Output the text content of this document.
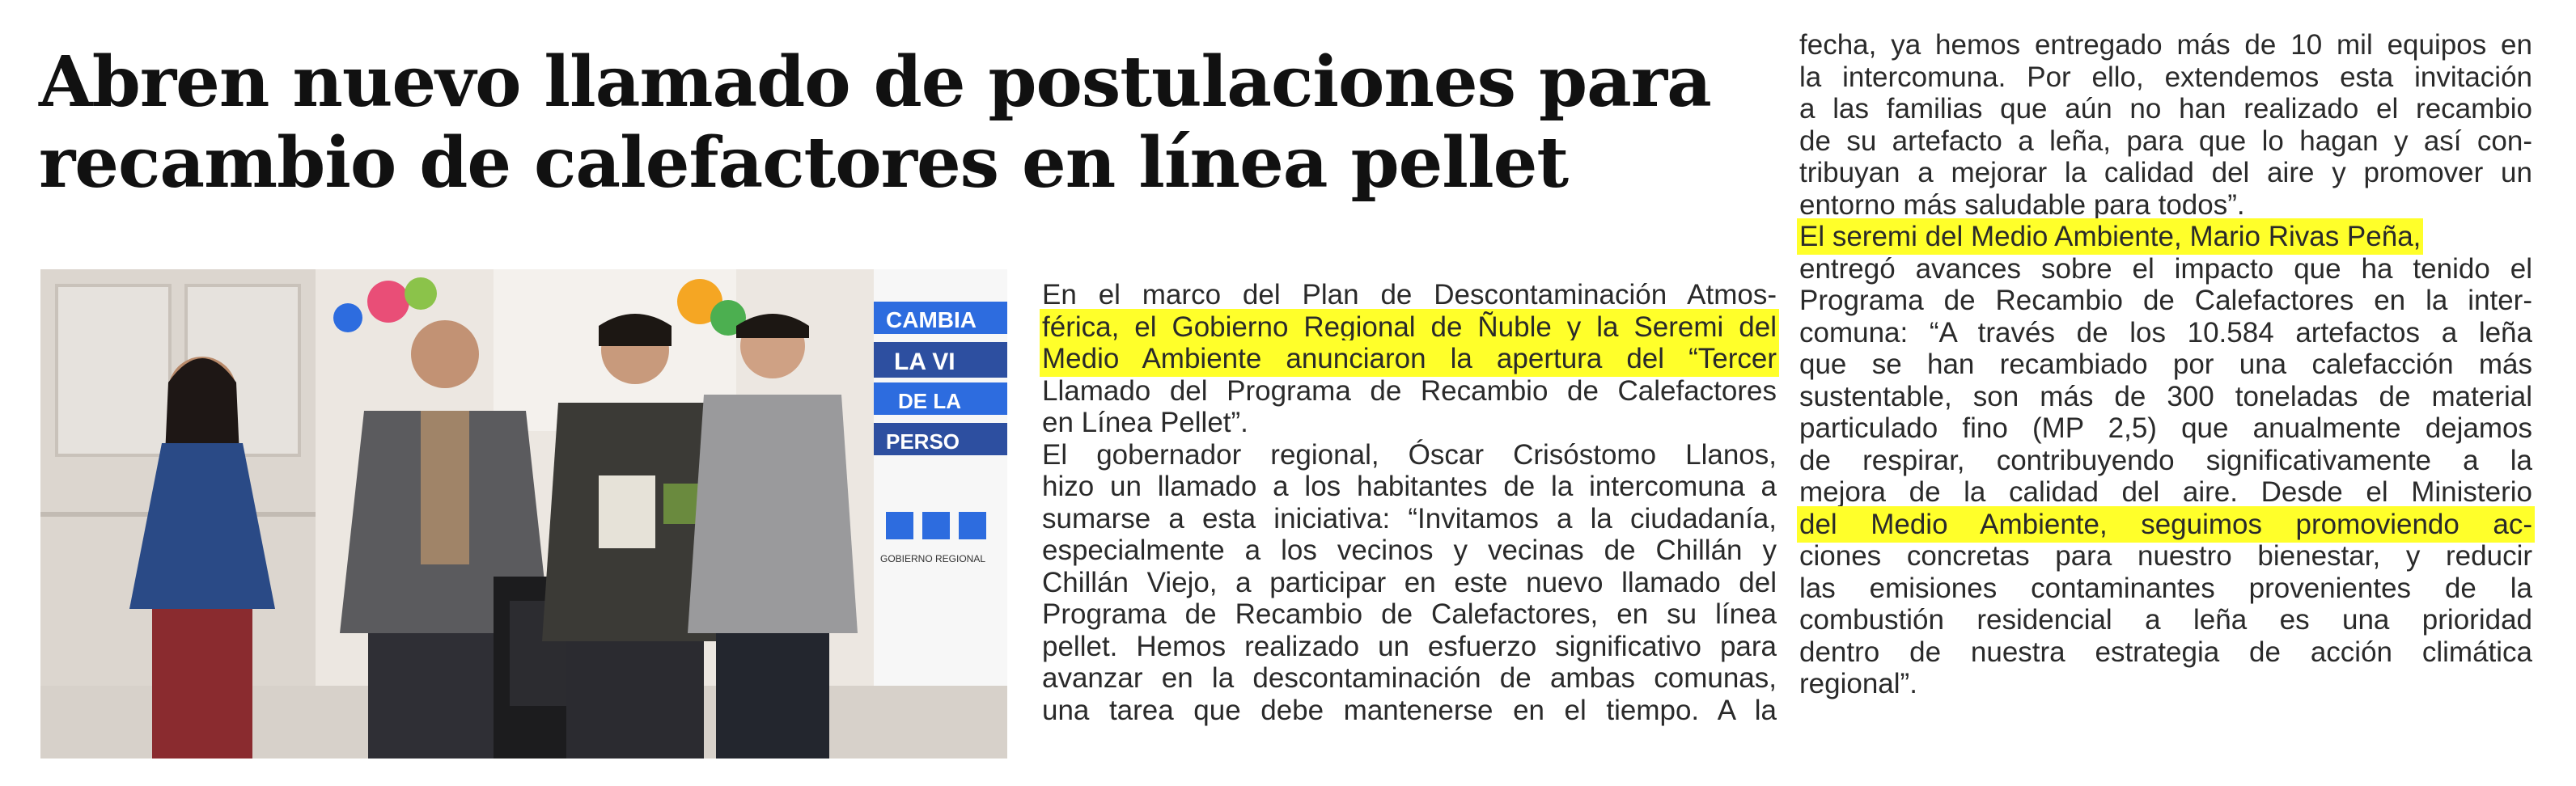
Abren nuevo llamado de postulaciones para
recambio de calefactores en línea pellet
CAMBIA
LA VI
DE LA
PERSO
GOBIERNO REGIONAL

En el marco del Plan de Descontaminación Atmos-
férica, el Gobierno Regional de Ñuble y la Seremi del
Medio Ambiente anunciaron la apertura del “Tercer
Llamado del Programa de Recambio de Calefactores
en Línea Pellet”.

El gobernador regional, Óscar Crisóstomo Llanos,
hizo un llamado a los habitantes de la intercomuna a
sumarse a esta iniciativa: “Invitamos a la ciudadanía,
especialmente a los vecinos y vecinas de Chillán y
Chillán Viejo, a participar en este nuevo llamado del
Programa de Recambio de Calefactores, en su línea
pellet. Hemos realizado un esfuerzo significativo para
avanzar en la descontaminación de ambas comunas,
una tarea que debe mantenerse en el tiempo. A la

fecha, ya hemos entregado más de 10 mil equipos en
la intercomuna. Por ello, extendemos esta invitación
a las familias que aún no han realizado el recambio
de su artefacto a leña, para que lo hagan y así con-
tribuyan a mejorar la calidad del aire y promover un
entorno más saludable para todos”.

El seremi del Medio Ambiente, Mario Rivas Peña,
entregó avances sobre el impacto que ha tenido el
Programa de Recambio de Calefactores en la inter-
comuna: “A través de los 10.584 artefactos a leña
que se han recambiado por una calefacción más
sustentable, son más de 300 toneladas de material
particulado fino (MP 2,5) que anualmente dejamos
de respirar, contribuyendo significativamente a la
mejora de la calidad del aire. Desde el Ministerio
del Medio Ambiente, seguimos promoviendo ac-
ciones concretas para nuestro bienestar, y reducir
las emisiones contaminantes provenientes de la
combustión residencial a leña es una prioridad
dentro de nuestra estrategia de acción climática
regional”.
